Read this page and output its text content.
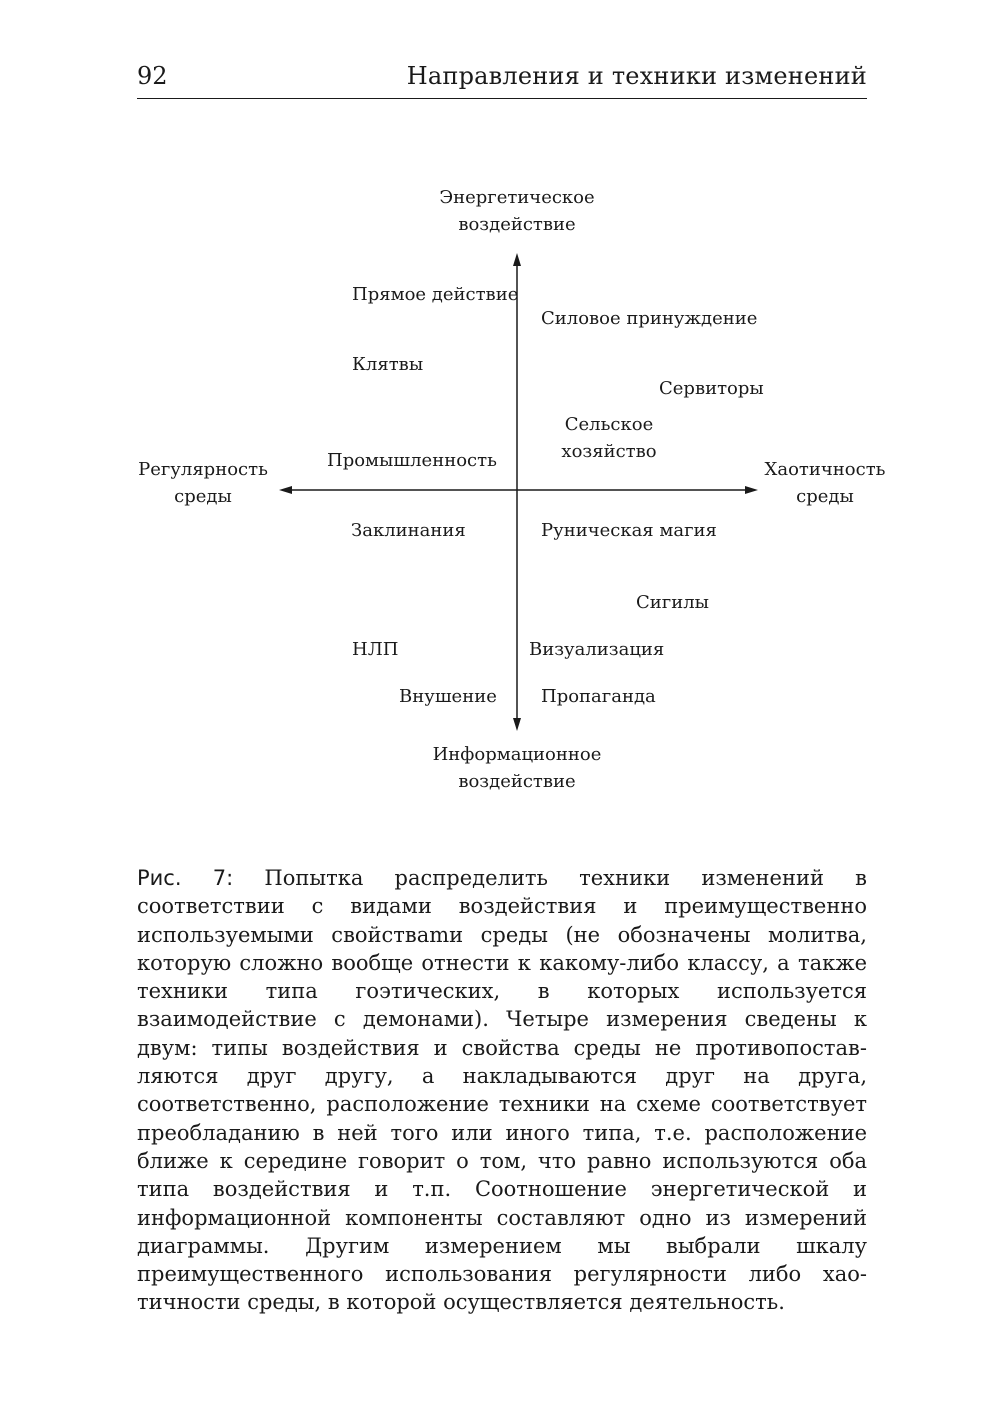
92	Направления и техники изменений
Энергетическое
воздействие
Информационное
воздействие
Регулярность
среды
Хаотичность
среды
Прямое действие
Силовое принуждение
Клятвы
Сервиторы
Сельское
хозяйство
Промышленность
Заклинания	Руническая магия
Сигилы
НЛП	Визуализация
Внушение Пропаганда
Рис. 7: Попытка распределить техники изменений в соответствии с видами воздействия и преимущественно используемыми свойстваmи среды (не обозначены молитва, которую сложно вообще отнести к какому-либо классу, а также техники типа гоэтических, в которых используется взаимодействие с демонами). Четыре измерения сведены к двум: типы воздействия и свойства среды не противопоставляются друг другу, а накладываются друг на друга, соответственно, расположение техники на схеме соответствует преобладанию в ней того или иного типа, т.е. расположение ближе к середине говорит о том, что равно используются оба типа воздействия и т.п. Соотношение энергетической и информационной компоненты составляют одно из измерений диаграммы. Другим измерением мы выбрали шкалу преимущественного использования регулярности либо хаотичности среды, в которой осуществляется деятельность.
